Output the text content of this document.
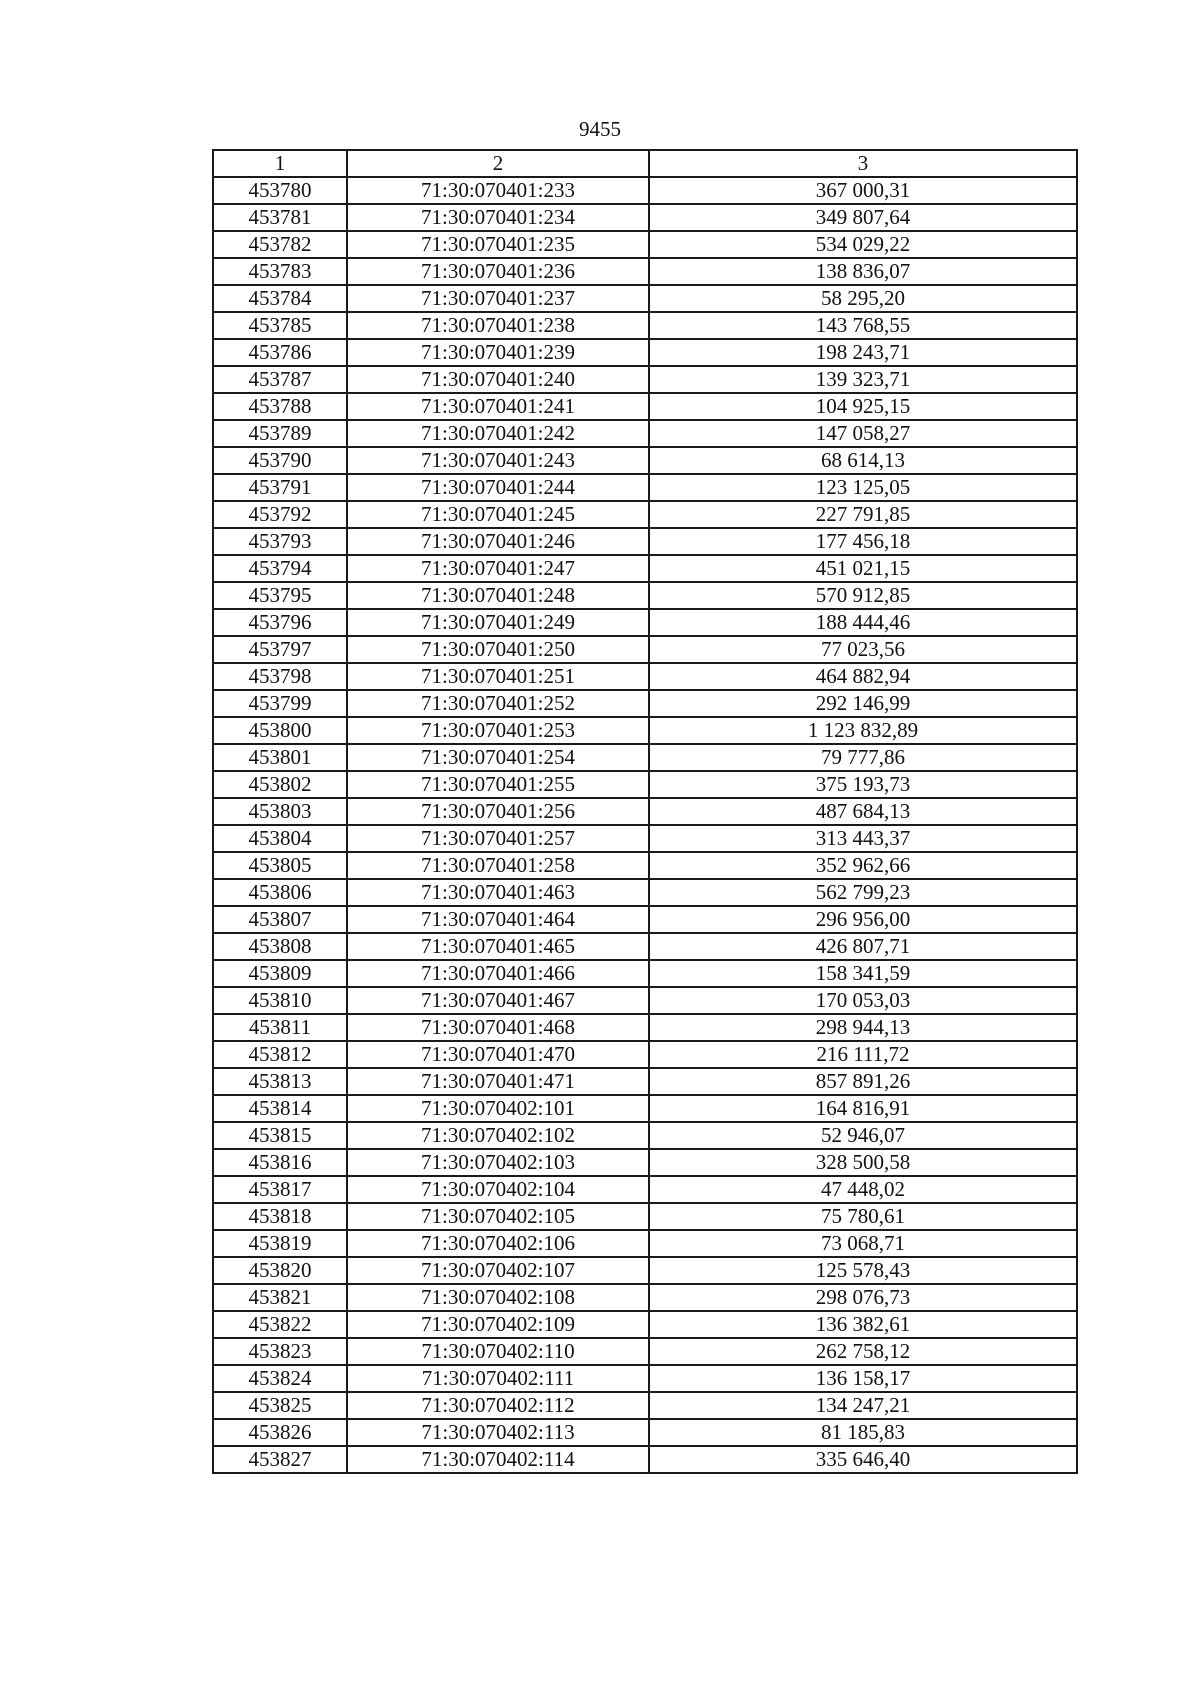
9455
1	2	3
453780	71:30:070401:233	367 000,31
453781	71:30:070401:234	349 807,64
453782	71:30:070401:235	534 029,22
453783	71:30:070401:236	138 836,07
453784	71:30:070401:237	58 295,20
453785	71:30:070401:238	143 768,55
453786	71:30:070401:239	198 243,71
453787	71:30:070401:240	139 323,71
453788	71:30:070401:241	104 925,15
453789	71:30:070401:242	147 058,27
453790	71:30:070401:243	68 614,13
453791	71:30:070401:244	123 125,05
453792	71:30:070401:245	227 791,85
453793	71:30:070401:246	177 456,18
453794	71:30:070401:247	451 021,15
453795	71:30:070401:248	570 912,85
453796	71:30:070401:249	188 444,46
453797	71:30:070401:250	77 023,56
453798	71:30:070401:251	464 882,94
453799	71:30:070401:252	292 146,99
453800	71:30:070401:253	1 123 832,89
453801	71:30:070401:254	79 777,86
453802	71:30:070401:255	375 193,73
453803	71:30:070401:256	487 684,13
453804	71:30:070401:257	313 443,37
453805	71:30:070401:258	352 962,66
453806	71:30:070401:463	562 799,23
453807	71:30:070401:464	296 956,00
453808	71:30:070401:465	426 807,71
453809	71:30:070401:466	158 341,59
453810	71:30:070401:467	170 053,03
453811	71:30:070401:468	298 944,13
453812	71:30:070401:470	216 111,72
453813	71:30:070401:471	857 891,26
453814	71:30:070402:101	164 816,91
453815	71:30:070402:102	52 946,07
453816	71:30:070402:103	328 500,58
453817	71:30:070402:104	47 448,02
453818	71:30:070402:105	75 780,61
453819	71:30:070402:106	73 068,71
453820	71:30:070402:107	125 578,43
453821	71:30:070402:108	298 076,73
453822	71:30:070402:109	136 382,61
453823	71:30:070402:110	262 758,12
453824	71:30:070402:111	136 158,17
453825	71:30:070402:112	134 247,21
453826	71:30:070402:113	81 185,83
453827	71:30:070402:114	335 646,40
